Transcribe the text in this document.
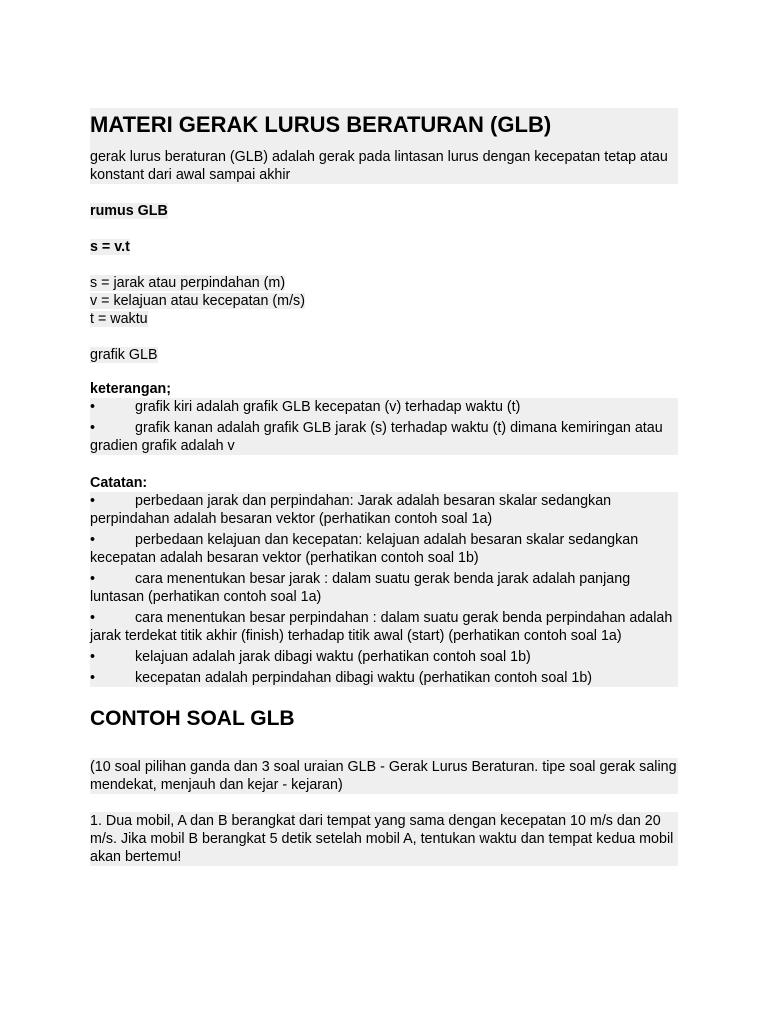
MATERI GERAK LURUS BERATURAN (GLB)
gerak lurus beraturan (GLB) adalah gerak pada lintasan lurus dengan kecepatan tetap atau konstant dari awal sampai akhir
rumus GLB
s = v.t
s = jarak atau perpindahan (m)
v = kelajuan atau kecepatan (m/s)
t = waktu
grafik GLB
keterangan;
•	grafik kiri adalah grafik GLB kecepatan (v) terhadap waktu (t)
•	grafik kanan adalah grafik GLB jarak (s) terhadap waktu (t) dimana kemiringan atau gradien grafik adalah v
Catatan:
•	perbedaan jarak dan perpindahan: Jarak adalah besaran skalar sedangkan perpindahan adalah besaran vektor (perhatikan contoh soal 1a)
•	perbedaan kelajuan dan kecepatan: kelajuan adalah besaran skalar sedangkan kecepatan adalah besaran vektor (perhatikan contoh soal 1b)
•	cara menentukan besar jarak : dalam suatu gerak benda jarak adalah panjang luntasan (perhatikan contoh soal 1a)
•	cara menentukan besar perpindahan : dalam suatu gerak benda perpindahan adalah jarak terdekat titik akhir (finish) terhadap titik awal (start) (perhatikan contoh soal 1a)
•	kelajuan adalah jarak dibagi waktu (perhatikan contoh soal 1b)
•	kecepatan adalah perpindahan dibagi waktu (perhatikan contoh soal 1b)
CONTOH SOAL GLB
(10 soal pilihan ganda dan 3 soal uraian GLB - Gerak Lurus Beraturan. tipe soal gerak saling mendekat, menjauh dan kejar - kejaran)
1. Dua mobil, A dan B berangkat dari tempat yang sama dengan kecepatan 10 m/s dan 20 m/s. Jika mobil B berangkat 5 detik setelah mobil A, tentukan waktu dan tempat kedua mobil akan bertemu!
